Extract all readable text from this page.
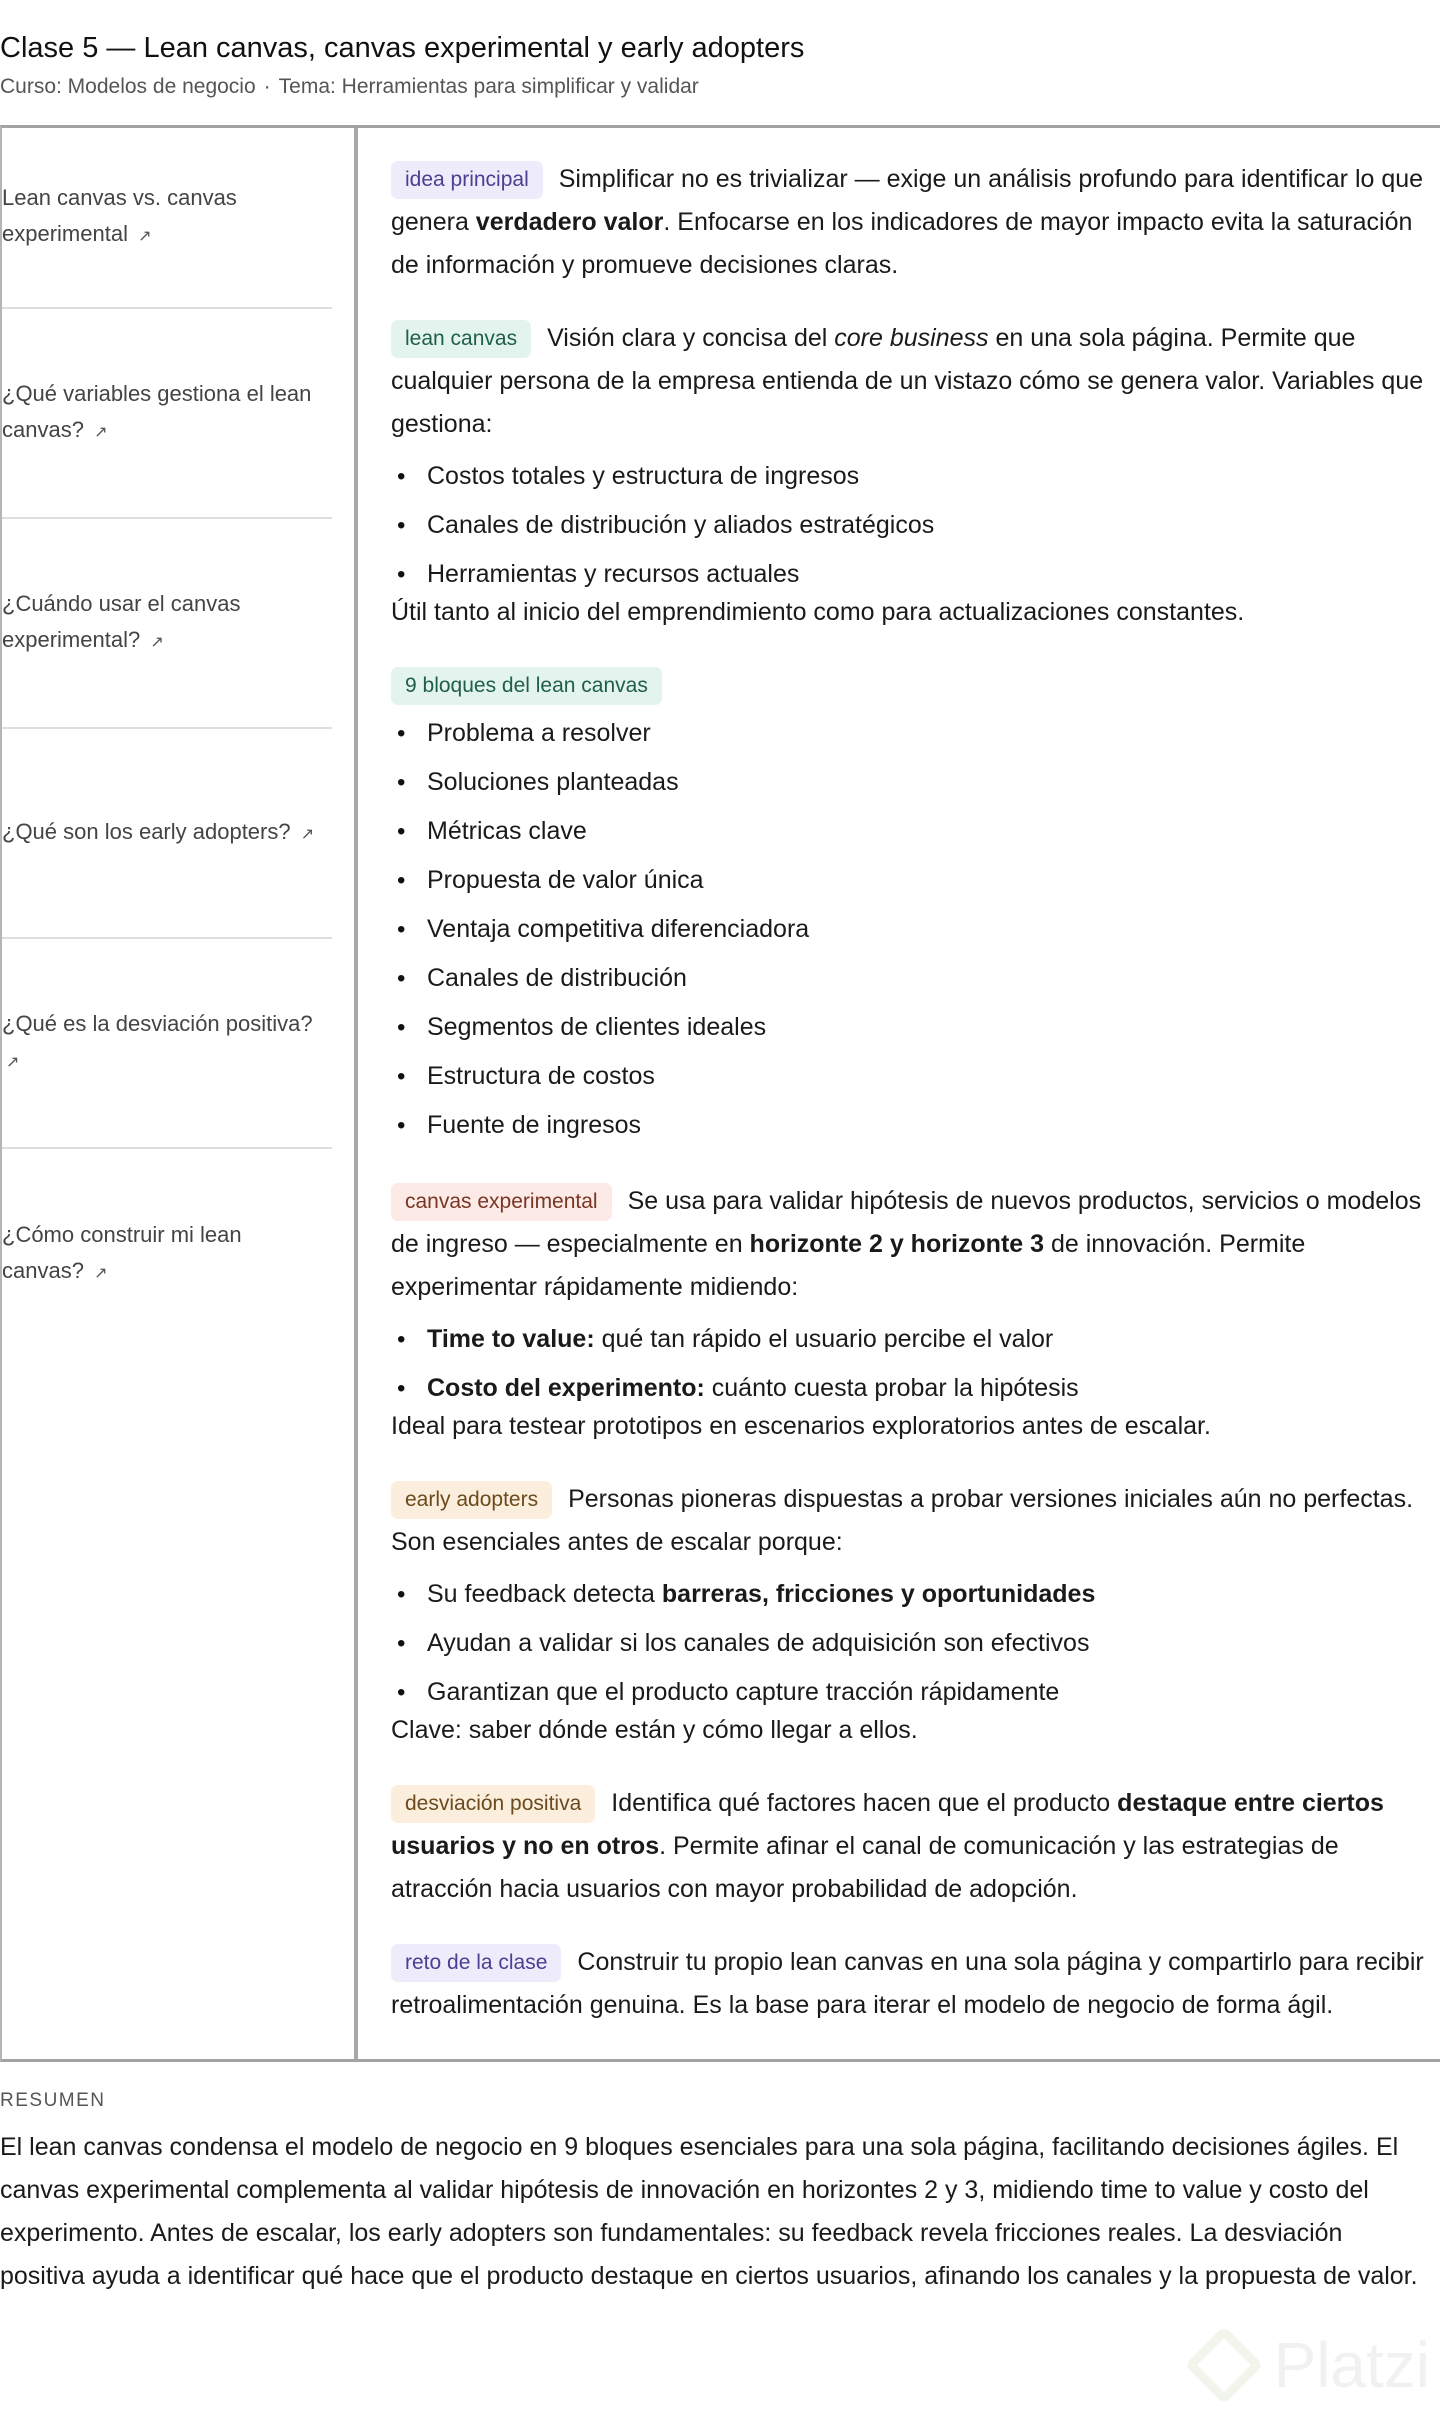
Clase 5 — Lean canvas, canvas experimental y early adopters
Curso: Modelos de negocio · Tema: Herramientas para simplificar y validar
Lean canvas vs. canvas experimental ↗
¿Qué variables gestiona el lean canvas? ↗
¿Cuándo usar el canvas experimental? ↗
¿Qué son los early adopters? ↗
¿Qué es la desviación positiva? ↗
¿Cómo construir mi lean canvas? ↗
idea principal Simplificar no es trivializar — exige un análisis profundo para identificar lo que genera verdadero valor. Enfocarse en los indicadores de mayor impacto evita la saturación de información y promueve decisiones claras.
lean canvas Visión clara y concisa del core business en una sola página. Permite que cualquier persona de la empresa entienda de un vistazo cómo se genera valor. Variables que gestiona:
• Costos totales y estructura de ingresos
• Canales de distribución y aliados estratégicos
• Herramientas y recursos actuales
Útil tanto al inicio del emprendimiento como para actualizaciones constantes.
9 bloques del lean canvas
• Problema a resolver
• Soluciones planteadas
• Métricas clave
• Propuesta de valor única
• Ventaja competitiva diferenciadora
• Canales de distribución
• Segmentos de clientes ideales
• Estructura de costos
• Fuente de ingresos
canvas experimental Se usa para validar hipótesis de nuevos productos, servicios o modelos de ingreso — especialmente en horizonte 2 y horizonte 3 de innovación. Permite experimentar rápidamente midiendo:
• Time to value: qué tan rápido el usuario percibe el valor
• Costo del experimento: cuánto cuesta probar la hipótesis
Ideal para testear prototipos en escenarios exploratorios antes de escalar.
early adopters Personas pioneras dispuestas a probar versiones iniciales aún no perfectas. Son esenciales antes de escalar porque:
• Su feedback detecta barreras, fricciones y oportunidades
• Ayudan a validar si los canales de adquisición son efectivos
• Garantizan que el producto capture tracción rápidamente
Clave: saber dónde están y cómo llegar a ellos.
desviación positiva Identifica qué factores hacen que el producto destaque entre ciertos usuarios y no en otros. Permite afinar el canal de comunicación y las estrategias de atracción hacia usuarios con mayor probabilidad de adopción.
reto de la clase Construir tu propio lean canvas en una sola página y compartirlo para recibir retroalimentación genuina. Es la base para iterar el modelo de negocio de forma ágil.
RESUMEN

El lean canvas condensa el modelo de negocio en 9 bloques esenciales para una sola página, facilitando decisiones ágiles. El canvas experimental complementa al validar hipótesis de innovación en horizontes 2 y 3, midiendo time to value y costo del experimento. Antes de escalar, los early adopters son fundamentales: su feedback revela fricciones reales. La desviación positiva ayuda a identificar qué hace que el producto destaque en ciertos usuarios, afinando los canales y la propuesta de valor.

Platzi
